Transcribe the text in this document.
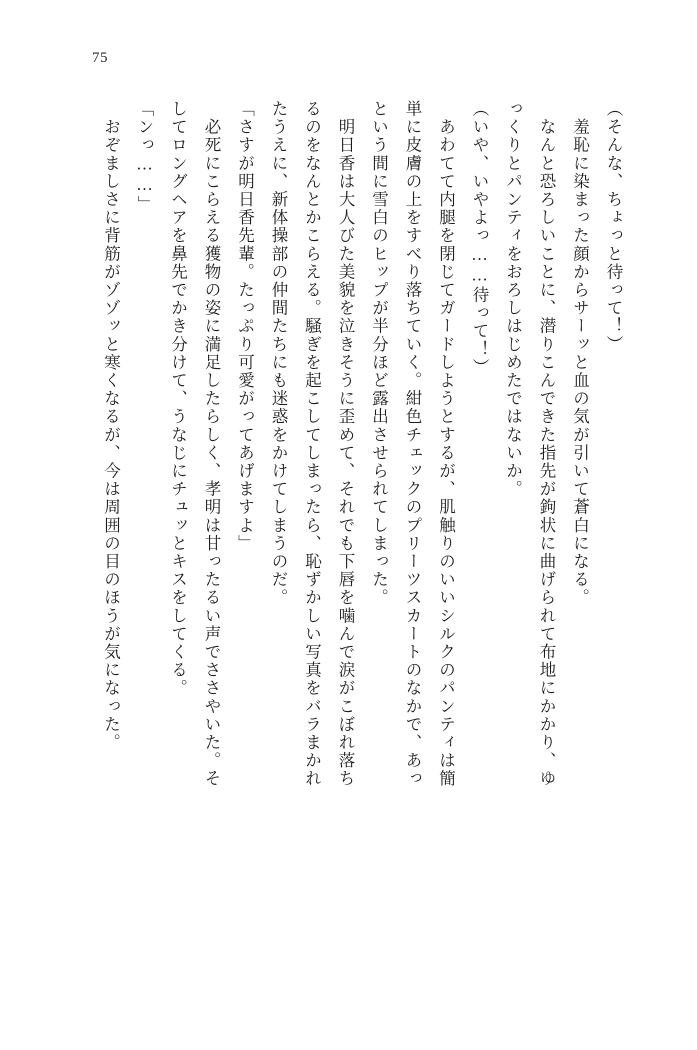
75

（そんな、ちょっと待って！）

　羞恥に染まった顔からサーッと血の気が引いて蒼白になる。

　なんと恐ろしいことに、潜りこんできた指先が鉤状に曲げられて布地にかかり、ゆ

っくりとパンティをおろしはじめたではないか。

（いや、いやよっ……待って！）

　あわてて内腿を閉じてガードしようとするが、肌触りのいいシルクのパンティは簡

単に皮膚の上をすべり落ちていく。紺色チェックのプリーツスカートのなかで、あっ

という間に雪白のヒップが半分ほど露出させられてしまった。

　明日香は大人びた美貌を泣きそうに歪めて、それでも下唇を噛んで涙がこぼれ落ち

るのをなんとかこらえる。騒ぎを起こしてしまったら、恥ずかしい写真をバラまかれ

たうえに、新体操部の仲間たちにも迷惑をかけてしまうのだ。

「さすが明日香先輩。たっぷり可愛がってあげますよ」

　必死にこらえる獲物の姿に満足したらしく、孝明は甘ったるい声でささやいた。そ

してロングヘアを鼻先でかき分けて、うなじにチュッとキスをしてくる。

「ンっ……」

　おぞましさに背筋がゾゾッと寒くなるが、今は周囲の目のほうが気になった。
